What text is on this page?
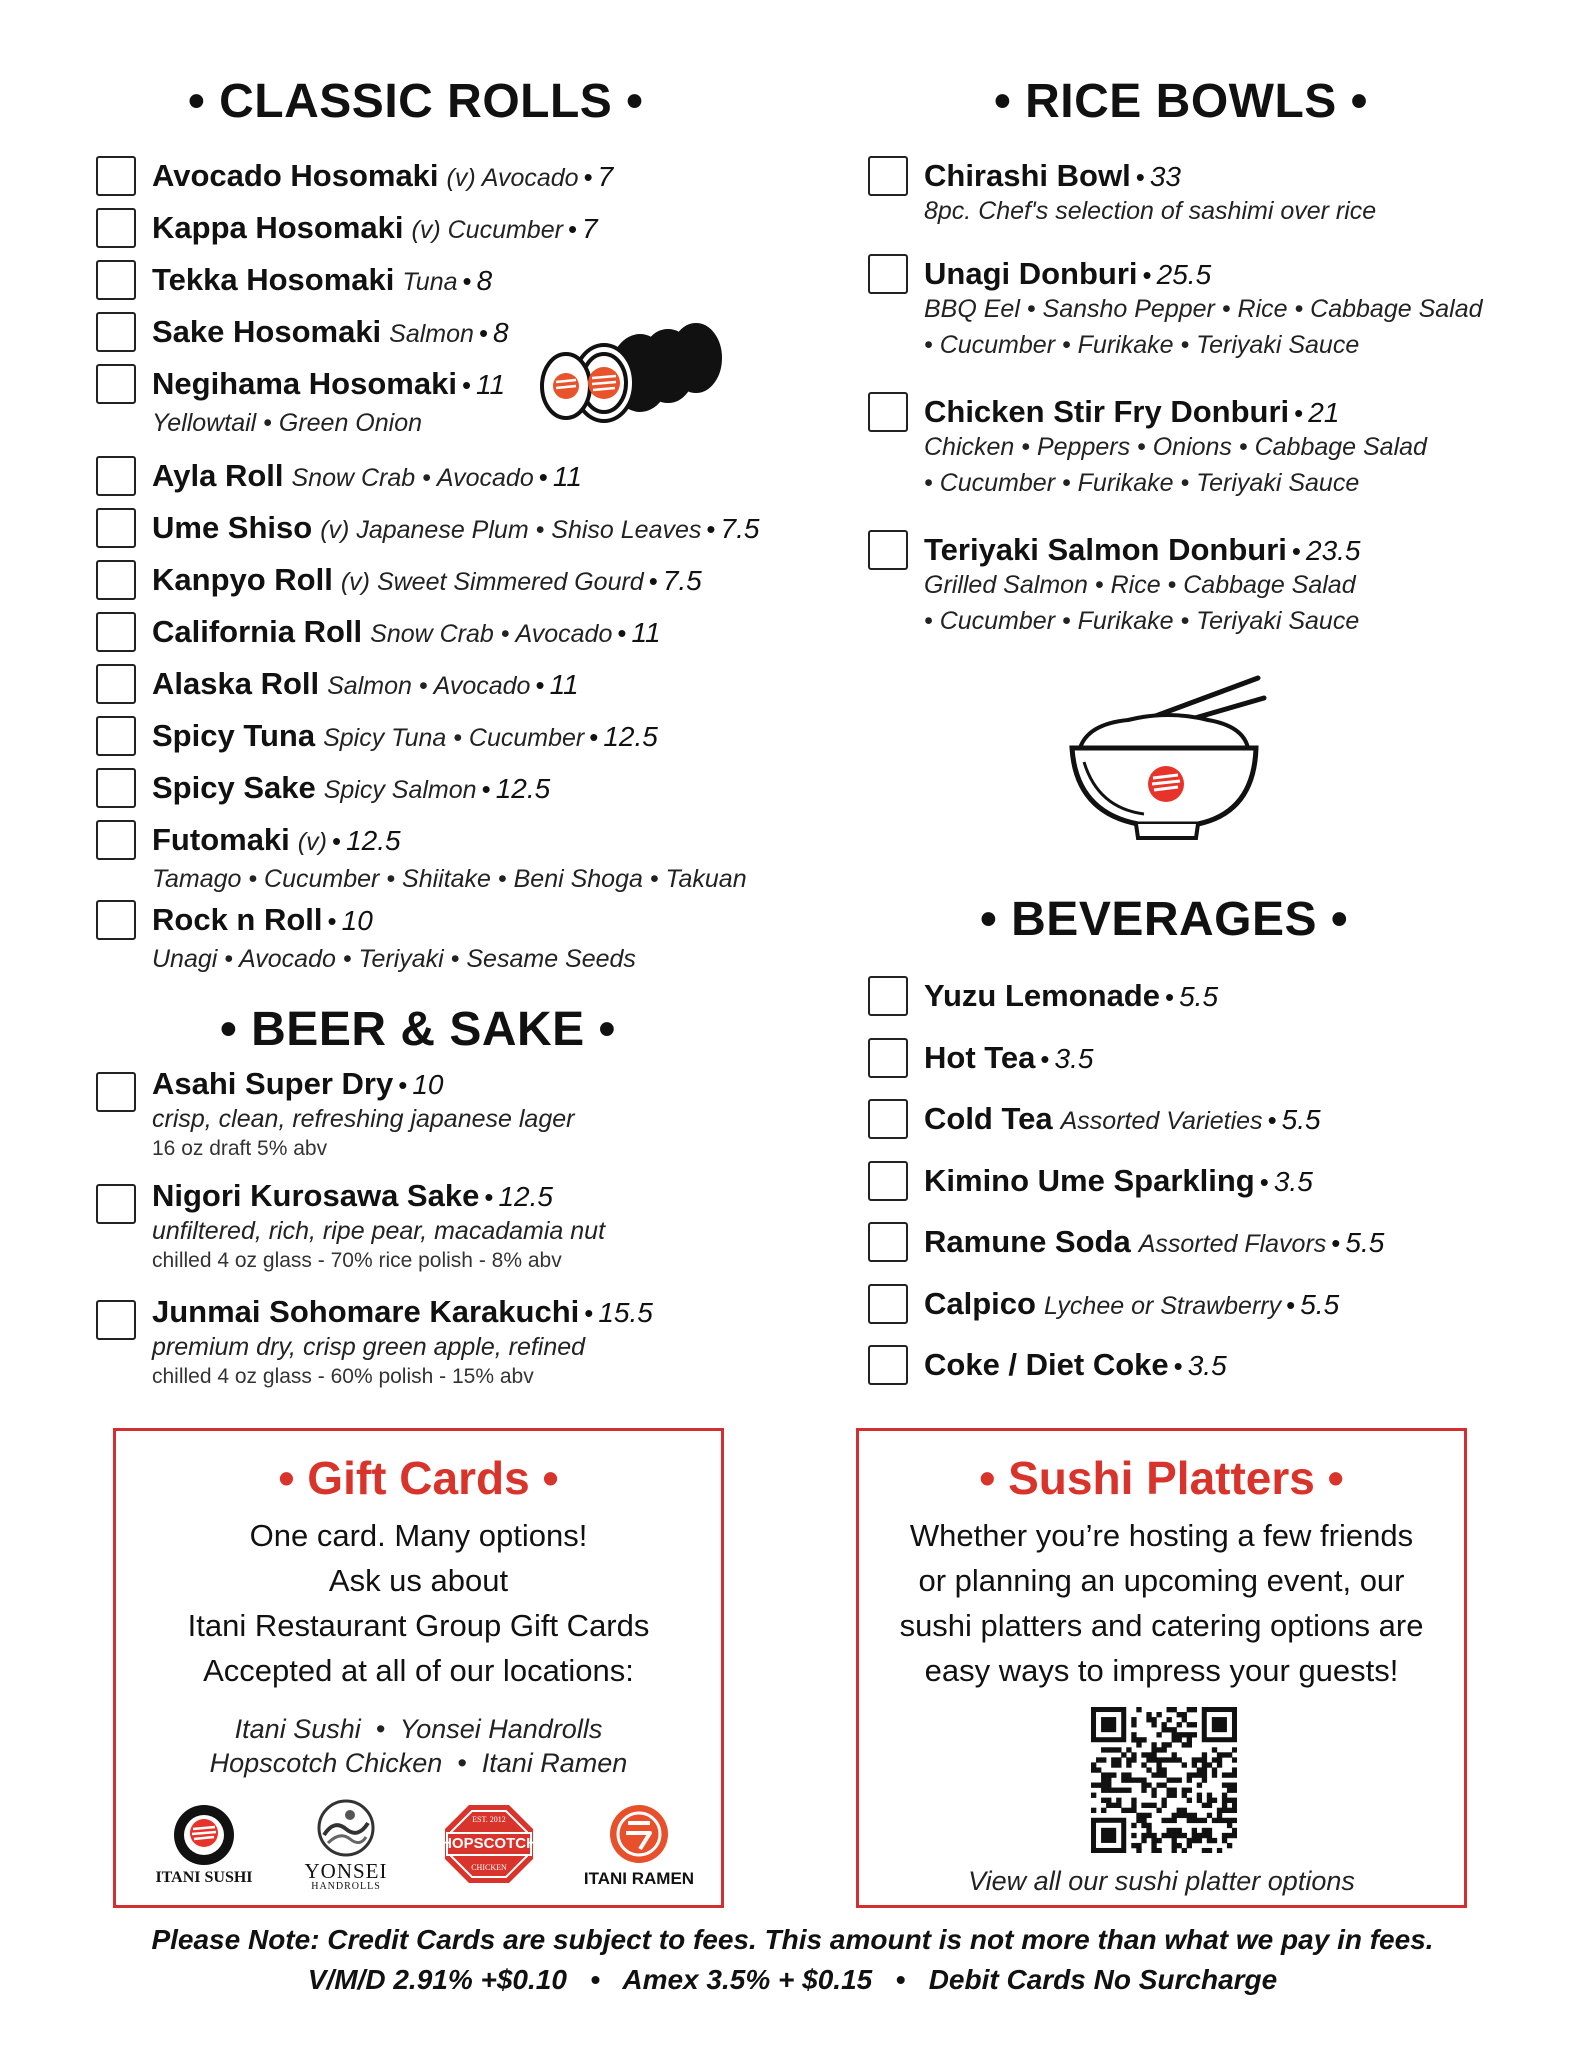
• CLASSIC ROLLS •
Avocado Hosomaki (v) Avocado • 7
Kappa Hosomaki (v) Cucumber • 7
Tekka Hosomaki Tuna • 8
Sake Hosomaki Salmon • 8
Negihama Hosomaki • 11
Yellowtail • Green Onion
Ayla Roll Snow Crab • Avocado • 11
Ume Shiso (v) Japanese Plum • Shiso Leaves • 7.5
Kanpyo Roll (v) Sweet Simmered Gourd • 7.5
California Roll Snow Crab • Avocado • 11
Alaska Roll Salmon • Avocado • 11
Spicy Tuna Spicy Tuna • Cucumber • 12.5
Spicy Sake Spicy Salmon • 12.5
Futomaki (v) • 12.5
Tamago • Cucumber • Shiitake • Beni Shoga • Takuan
Rock n Roll • 10
Unagi • Avocado • Teriyaki • Sesame Seeds
• BEER & SAKE •
Asahi Super Dry • 10
crisp, clean, refreshing japanese lager
16 oz draft 5% abv
Nigori Kurosawa Sake • 12.5
unfiltered, rich, ripe pear, macadamia nut
chilled 4 oz glass - 70% rice polish - 8% abv
Junmai Sohomare Karakuchi • 15.5
premium dry, crisp green apple, refined
chilled 4 oz glass - 60% polish - 15% abv
• RICE BOWLS •
Chirashi Bowl • 33
8pc. Chef's selection of sashimi over rice
Unagi Donburi • 25.5
BBQ Eel • Sansho Pepper • Rice • Cabbage Salad
• Cucumber • Furikake • Teriyaki Sauce
Chicken Stir Fry Donburi • 21
Chicken • Peppers • Onions • Cabbage Salad
• Cucumber • Furikake • Teriyaki Sauce
Teriyaki Salmon Donburi • 23.5
Grilled Salmon • Rice • Cabbage Salad
• Cucumber • Furikake • Teriyaki Sauce
• BEVERAGES •
Yuzu Lemonade • 5.5
Hot Tea • 3.5
Cold Tea Assorted Varieties • 5.5
Kimino Ume Sparkling • 3.5
Ramune Soda Assorted Flavors • 5.5
Calpico Lychee or Strawberry • 5.5
Coke / Diet Coke • 3.5
• Gift Cards •
One card. Many options!
Ask us about
Itani Restaurant Group Gift Cards
Accepted at all of our locations:
Itani Sushi  •  Yonsei Handrolls
Hopscotch Chicken  •  Itani Ramen
ITANI SUSHI	YONSEI
HANDROLLS
EST. 2012
HOPSCOTCH
CHICKEN
ITANI RAMEN
• Sushi Platters •
Whether you’re hosting a few friends
or planning an upcoming event, our
sushi platters and catering options are
easy ways to impress your guests!
View all our sushi platter options
Please Note: Credit Cards are subject to fees. This amount is not more than what we pay in fees.
V/M/D 2.91% +$0.10   •   Amex 3.5% + $0.15   •   Debit Cards No Surcharge
